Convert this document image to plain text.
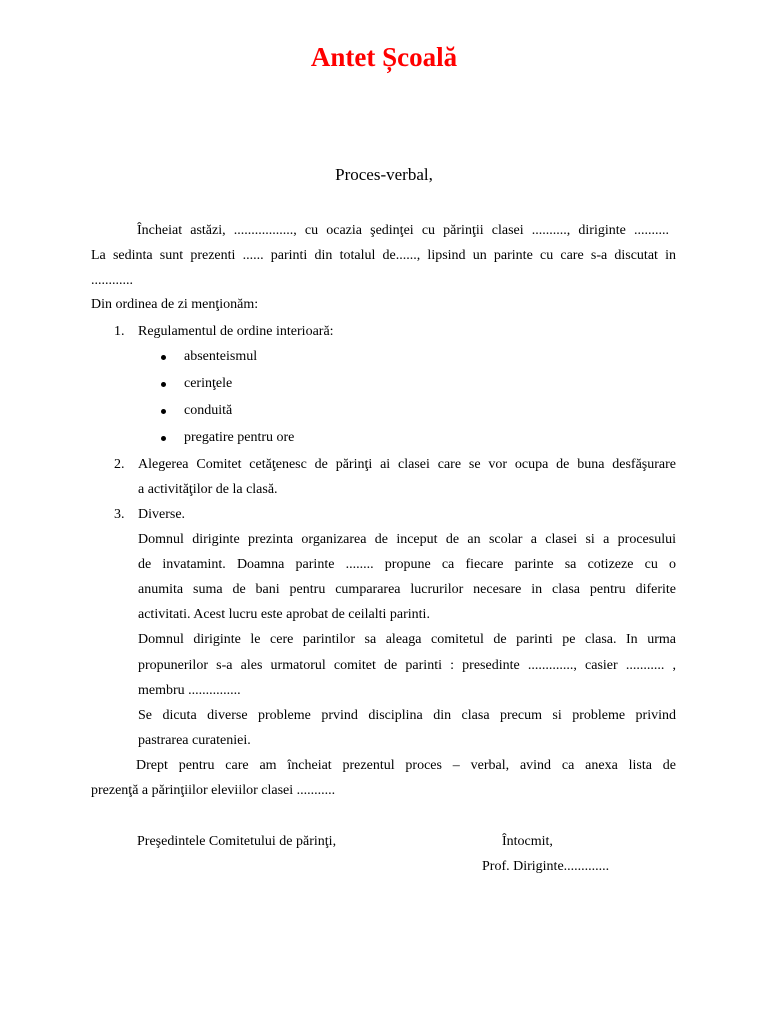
Antet Școală
Proces-verbal,
Încheiat astăzi, ................., cu ocazia şedinţei cu părinţii clasei .........., diriginte ..........
La sedinta sunt prezenti ...... parinti din totalul de......, lipsind un parinte cu care s-a discutat in
............
Din ordinea de zi menţionăm:
1. Regulamentul de ordine interioară:
absenteismul
cerinţele
conduită
pregatire pentru ore
2. Alegerea Comitet cetăţenesc de părinţi ai clasei care se vor ocupa de buna desfăşurare
a activităţilor de la clasă.
3. Diverse.
Domnul diriginte prezinta organizarea de inceput de an scolar a clasei si a procesului
de invatamint. Doamna parinte ........ propune ca fiecare parinte sa cotizeze cu o
anumita suma de bani pentru cumpararea lucrurilor necesare in clasa pentru diferite
activitati. Acest lucru este aprobat de ceilalti parinti.
Domnul diriginte le cere parintilor sa aleaga comitetul de parinti pe clasa. In urma
propunerilor s-a ales urmatorul comitet de parinti : presedinte ............., casier ........... ,
membru ...............
Se dicuta diverse probleme prvind disciplina din clasa precum si probleme privind
pastrarea curateniei.
Drept pentru care am încheiat prezentul proces – verbal, avind ca anexa lista de
prezenţă a părinţiilor eleviilor clasei ...........
Preşedintele Comitetului de părinţi,	Întocmit,
Prof. Diriginte.............
